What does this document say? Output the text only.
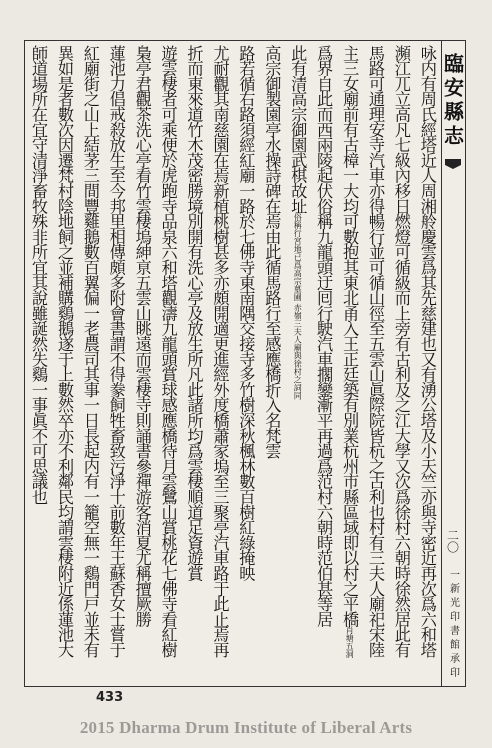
咏内有周氏經塔近人周湘舲慶雲爲其先慈建也又有湧公塔及小天竺亦與寺密近再次爲六和塔
瀕江兀立高凡七級內移日燃燈可循級而上旁有古利及之江大學又次爲徐村六朝時徐然居此有
馬路可通理安寺汽車亦得暢行並可循山徑至五雲山眞際院皆杭之古利也村有三夫人廟祀宋陸
主三女廟前有古樟一大均可數抱其東北甬入王正廷築有別業杭州市縣區域即以村之平橋肖塘五洞
爲界自此而西兩陵起伏俗稱九龍頭迂囘行駛汽車擱鑾漸平再過爲范村六朝時范伯甚等居
此有清高宗御園武棋故址俗稱行宮地已爲高宗墓圃 赤嶺三夫人廟與徐村之詞同
高宗御製園亭水操詩碑在焉由此循馬路行至感應橋折入名梵雲
路若循右路須經紅廟一路於七佛寺東南隅交接寺多竹樹深秋楓林數百樹紅綠掩映
尤耐觀其南慈園在焉新植桃樹甚多亦頗開適更進經外度橋蕭家塢至三聚亭汽車路于此止焉再
折而東來道竹木茂密勝境別開有洗心亭及放生所凡此諸所均爲雲棲順道足資遊賞
遊雲棲者可乘便於虎跑寺品泉六和塔觀濤九龍頭賞球感應橋待月雲鷺山賞桃花七佛寺看紅樹
梟亭君觀茶洗心亭看竹雲棲塢紳亰五雲山眺遠而雲棲寺則誦書參禪游客消夏尤稱擅厥勝
蓮池力倡戒殺放生至今邦里相傳頗多附會書謂不得豢飼牲畜致污淨十前數年王蘇香女士嘗于
紅廟街之山上結茅三間豐雞鵝數百翼偏一老農司其事一日長起内有一籠空無一鷄門戸並未有
異如是者數次因遷梵村陰地飼之並補購鷄鵝遂于上數然卒亦不利鄰民均謂雲棲附近係蓮池大
師道場所在宜守清淨畜牧殊非所宜其說雖誕然失鷄一事眞不可思議也	臨安縣志
二〇
一新光印書館承印
433
2015 Dharma Drum Institute of Liberal Arts
